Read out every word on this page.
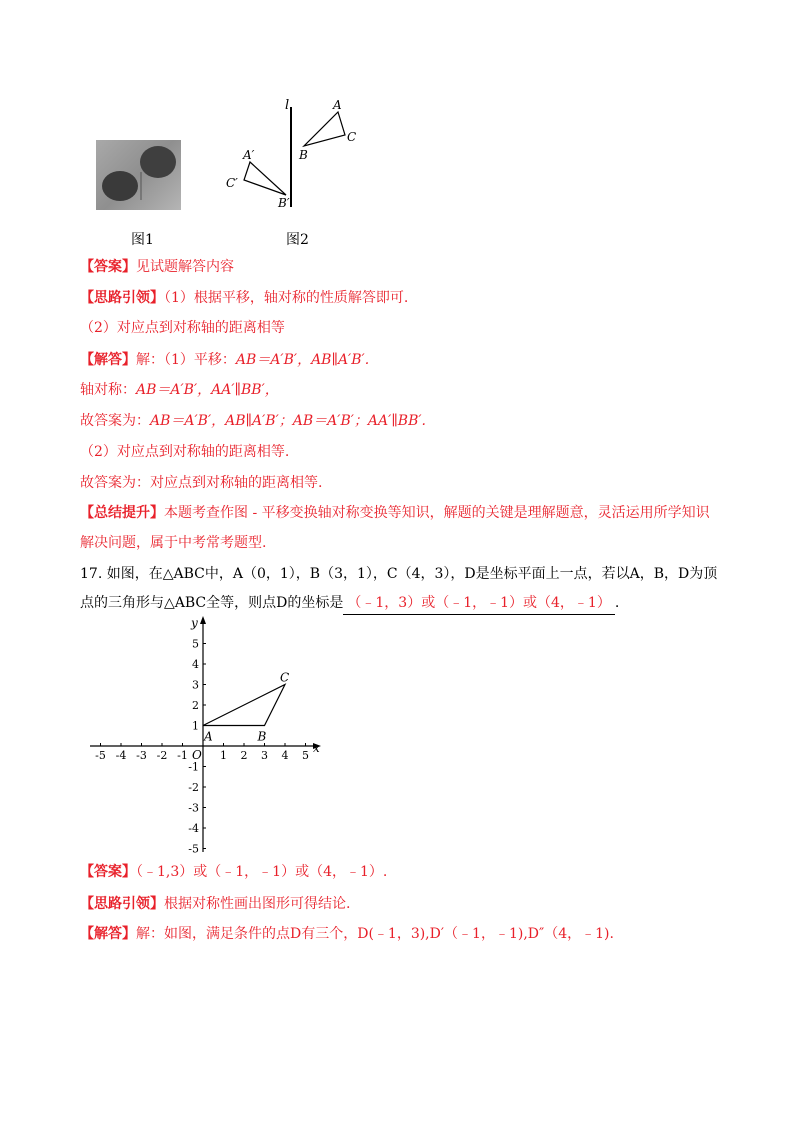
图1
l	A
C
B
A′
C′
B′
图2
【答案】见试题解答内容
【思路引领】（1）根据平移，轴对称的性质解答即可.
（2）对应点到对称轴的距离相等
【解答】解：（1）平移：AB＝A′B′，AB∥A′B′.
轴对称：AB＝A′B′，AA′∥BB′，
故答案为：AB＝A′B′，AB∥A′B′；AB＝A′B′；AA′∥BB′.
（2）对应点到对称轴的距离相等.
故答案为：对应点到对称轴的距离相等.
【总结提升】本题考查作图 - 平移变换轴对称变换等知识，解题的关键是理解题意，灵活运用所学知识
解决问题，属于中考常考题型.
17. 如图，在△ABC中，A（0，1），B（3，1），C（4，3），D是坐标平面上一点，若以A，B，D为顶
点的三角形与△ABC全等，则点D的坐标是 （﹣1，3）或（﹣1，﹣1）或（4，﹣1） .
x
y
O
-5 -4 -3 -2 -1	1 2 3 4 5
5
4
3
2
1
-1
-2
-3
-4
-5
A	B
C
【答案】（﹣1,3）或（﹣1，﹣1）或（4，﹣1）.
【思路引领】根据对称性画出图形可得结论.
【解答】解：如图，满足条件的点D有三个，D(﹣1，3),D′（﹣1，﹣1),D″（4，﹣1).
